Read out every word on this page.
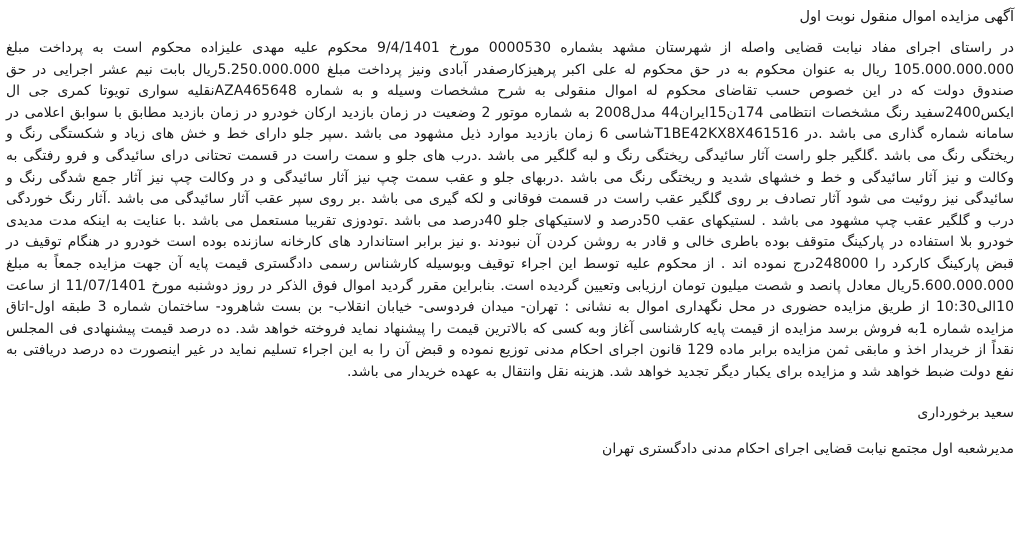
آگهی مزایده اموال منقول نوبت اول

در راستای اجرای مفاد نیابت قضایی واصله از شهرستان مشهد بشماره 0000530 مورخ 9/4/1401 محکوم علیه مهدی علیزاده محکوم است به پرداخت مبلغ 105.000.000.000 ریال به عنوان محکوم به در حق محکوم له علی اکبر پرهیزکارصفدر آبادی ونیز پرداخت مبلغ 5.250.000.000ریال بابت نیم عشر اجرایی در حق صندوق دولت که در این خصوص حسب تقاضای محکوم له اموال منقولی به شرح مشخصات وسیله و به شماره AZA465648نقلیه سواری تویوتا کمری جی ال ایکس2400سفید رنگ مشخصات انتظامی 174ن15ایران44 مدل2008 به شماره موتور 2 وضعیت در زمان بازدید ارکان خودرو در زمان بازدید مطابق با سوابق اعلامی در سامانه شماره گذاری می باشد .در T1BE42KX8X461516شاسی 6 زمان بازدید موارد ذیل مشهود می باشد .سپر جلو دارای خط و خش های زیاد و شکستگی رنگ و ریختگی رنگ می باشد .گلگیر جلو راست آثار سائیدگی ریختگی رنگ و لبه گلگیر می باشد .درب های جلو و سمت راست در قسمت تحتانی درای سائیدگی و فرو رفتگی به وکالت و نیز آثار سائیدگی و خط و خشهای شدید و ریختگی رنگ می باشد .دربهای جلو و عقب سمت چپ نیز آثار سائیدگی و در وکالت چپ نیز آثار جمع شدگی رنگ و سائیدگی نیز روئیت می شود آثار تصادف بر روی گلگیر عقب راست در قسمت فوقانی و لکه گیری می باشد .بر روی سپر عقب آثار سائیدگی می باشد .آثار رنگ خوردگی درب و گلگیر عقب چپ مشهود می باشد . لستیکهای عقب 50درصد و لاستیکهای جلو 40درصد می باشد .تودوزی تقریبا مستعمل می باشد .با عنایت به اینکه مدت مدیدی خودرو بلا استفاده در پارکینگ متوقف بوده باطری خالی و قادر به روشن کردن آن نبودند .و نیز برابر استاندارد های کارخانه سازنده بوده است خودرو در هنگام توقیف در قبض پارکینگ کارکرد را 248000درج نموده اند . از محکوم علیه توسط این اجراء توقیف وبوسیله کارشناس رسمی دادگستری قیمت پایه آن جهت مزایده جمعاً به مبلغ 5.600.000.000ریال معادل پانصد و شصت میلیون تومان ارزیابی وتعیین گردیده است. بنابراین مقرر گردید اموال فوق الذکر در روز دوشنبه مورخ 11/07/1401 از ساعت 10الی10:30 از طریق مزایده حضوری در محل نگهداری اموال به نشانی : تهران- میدان فردوسی- خیابان انقلاب- بن بست شاهرود- ساختمان شماره 3 طبقه اول-اتاق مزایده شماره 1به فروش برسد مزایده از قیمت پایه کارشناسی آغاز وبه کسی که بالاترین قیمت را پیشنهاد نماید فروخته خواهد شد. ده درصد قیمت پیشنهادی فی المجلس نقداً از خریدار اخذ و مابقی ثمن مزایده برابر ماده 129 قانون اجرای احکام مدنی توزیع نموده و قبض آن را به این اجراء تسلیم نماید در غیر اینصورت ده درصد دریافتی به نفع دولت ضبط خواهد شد و مزایده برای یکبار دیگر تجدید خواهد شد. هزینه نقل وانتقال به عهده خریدار می باشد.

سعید برخورداری

مدیرشعبه اول مجتمع نیابت قضایی اجرای احکام مدنی دادگستری تهران
